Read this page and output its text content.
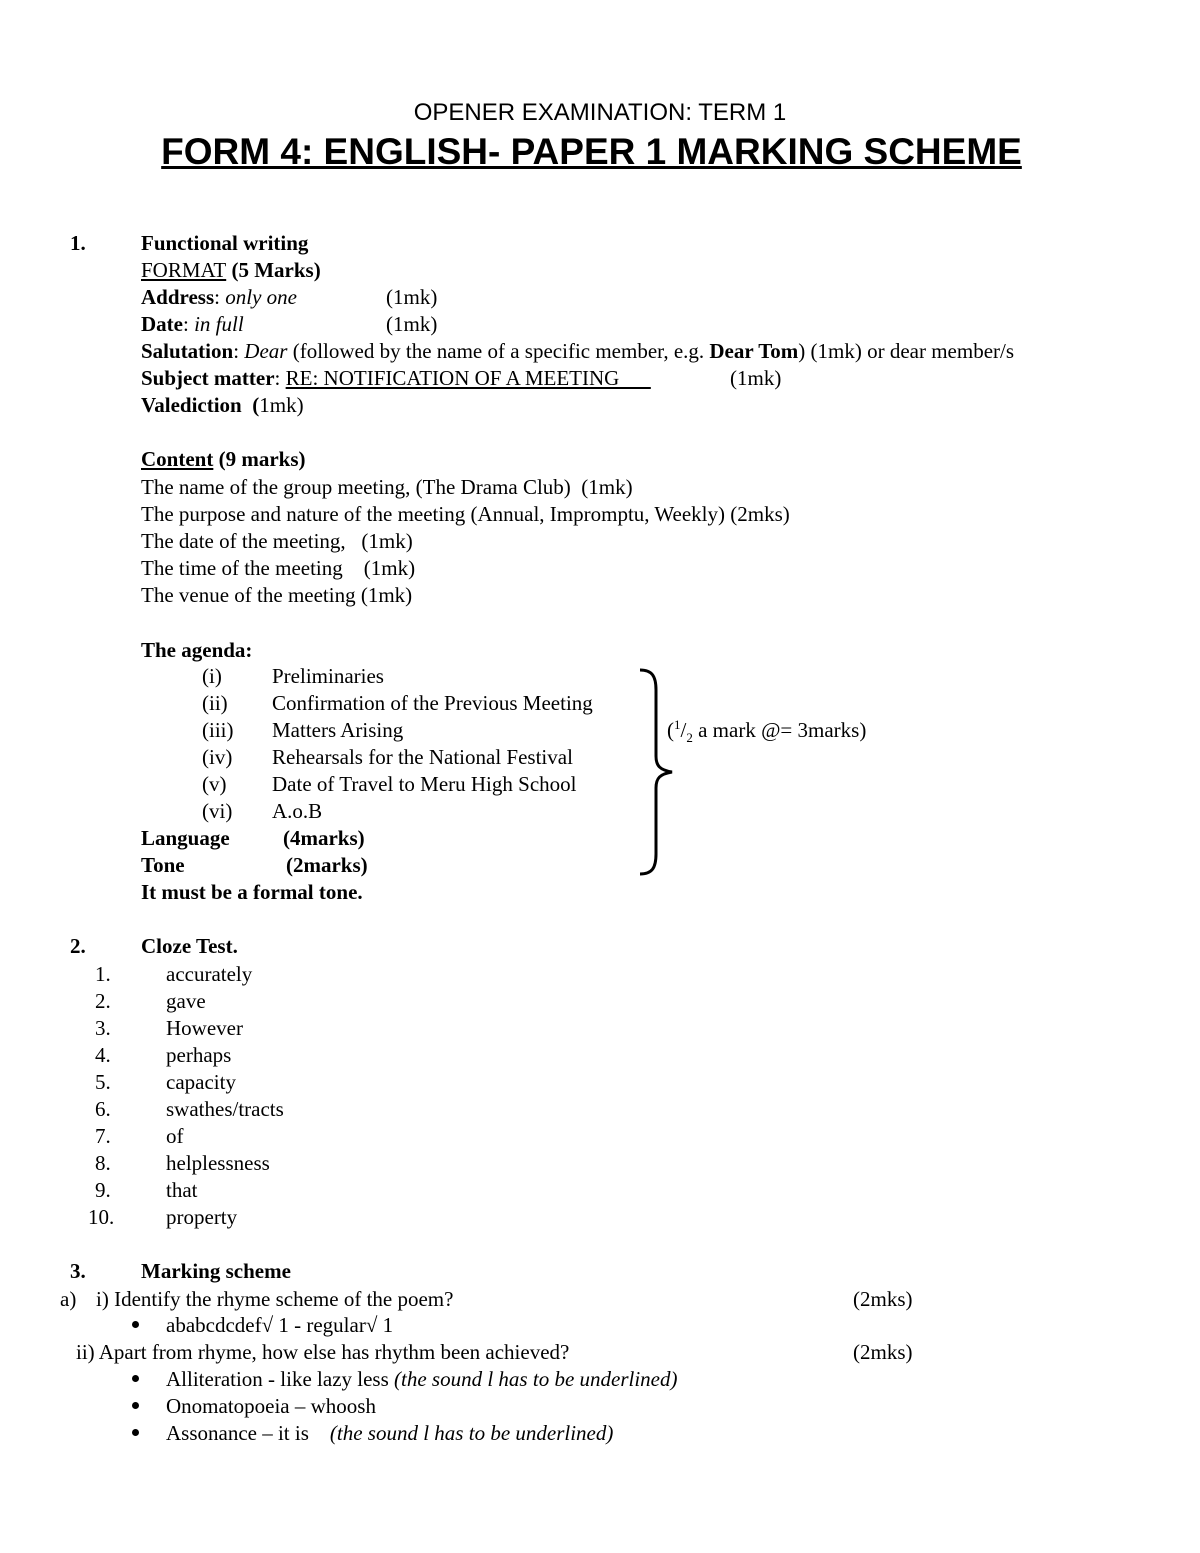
OPENER EXAMINATION: TERM 1
FORM 4: ENGLISH- PAPER 1 MARKING SCHEME
1.	Functional writing
FORMAT (5 Marks)
Address: only one	(1mk)
Date: in full	(1mk)
Salutation: Dear (followed by the name of a specific member, e.g. Dear Tom) (1mk) or dear member/s
Subject matter: RE: NOTIFICATION OF A MEETING	(1mk)
Valediction  (1mk)
Content (9 marks)
The name of the group meeting, (The Drama Club)  (1mk)
The purpose and nature of the meeting (Annual, Impromptu, Weekly) (2mks)
The date of the meeting,   (1mk)
The time of the meeting    (1mk)
The venue of the meeting (1mk)
The agenda:
(i) Preliminaries
(ii) Confirmation of the Previous Meeting
(iii) Matters Arising
(iv) Rehearsals for the National Festival
(v) Date of Travel to Meru High School
(vi) A.o.B
($^1/_2$ a mark @= 3marks)
Language	(4marks)
Tone	(2marks)
It must be a formal tone.
2.	Cloze Test.
1.	accurately
2.	gave
3.	However
4.	perhaps
5.	capacity
6.	swathes/tracts
7.	of
8.	helplessness
9.	that
10. property
3.	Marking scheme
a) i) Identify the rhyme scheme of the poem?	(2mks)
ababcdcdef√ 1 - regular√ 1
ii) Apart from rhyme, how else has rhythm been achieved?	(2mks)
Alliteration - like lazy less (the sound l has to be underlined)
Onomatopoeia – whoosh
Assonance – it is    (the sound l has to be underlined)
